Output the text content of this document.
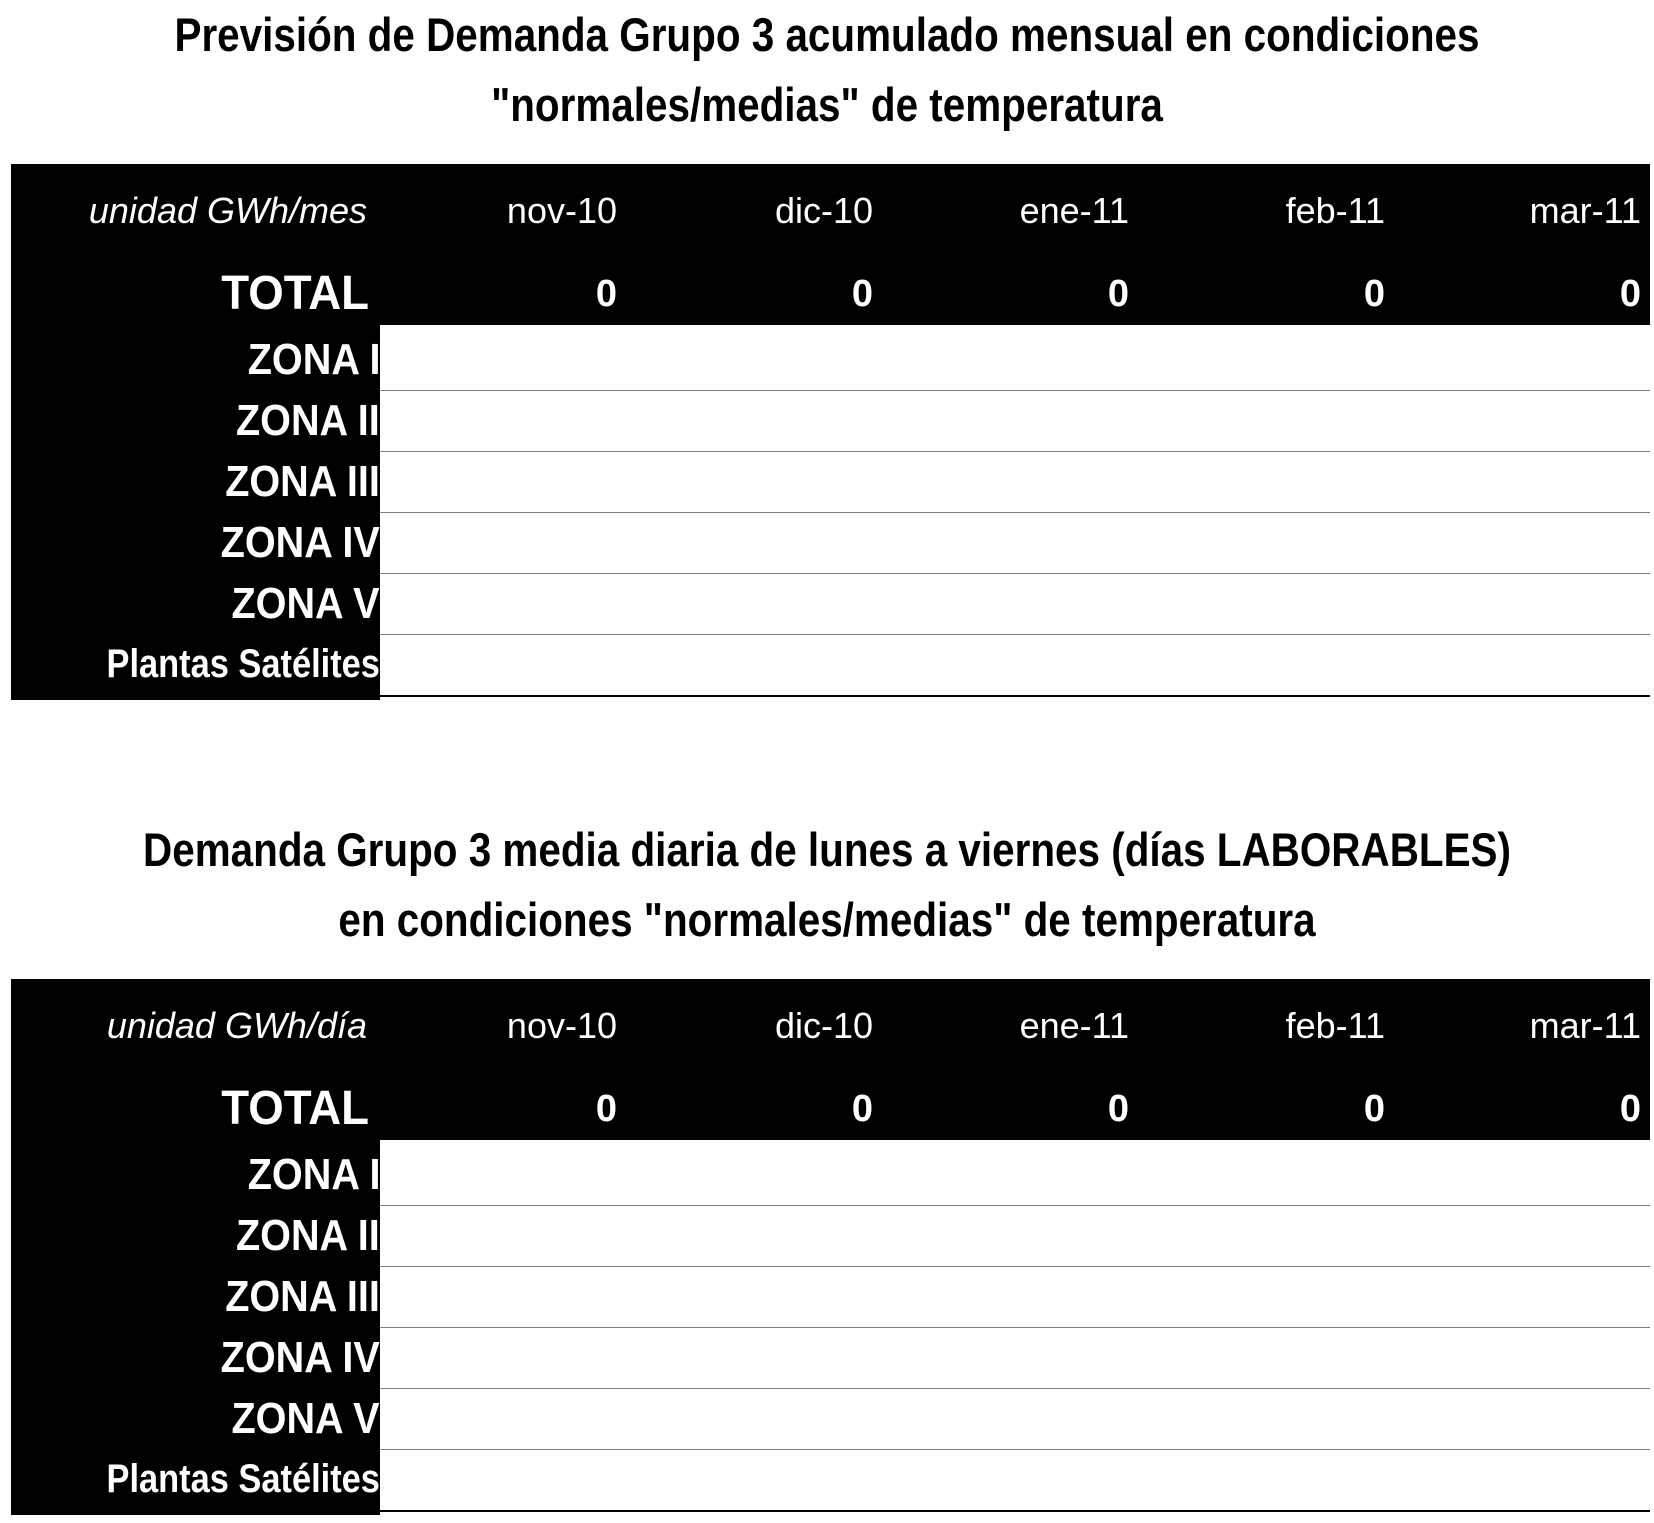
Previsión de Demanda Grupo 3 acumulado mensual en condiciones
"normales/medias" de temperatura
unidad GWh/mes	nov-10	dic-10	ene-11	feb-11	mar-11
TOTAL	0	0	0	0	0
ZONA I
ZONA II
ZONA III
ZONA IV
ZONA V
Plantas Satélites
Demanda Grupo 3 media diaria de lunes a viernes (días LABORABLES)
en condiciones "normales/medias" de temperatura
unidad GWh/día	nov-10	dic-10	ene-11	feb-11	mar-11
TOTAL	0	0	0	0	0
ZONA I
ZONA II
ZONA III
ZONA IV
ZONA V
Plantas Satélites
